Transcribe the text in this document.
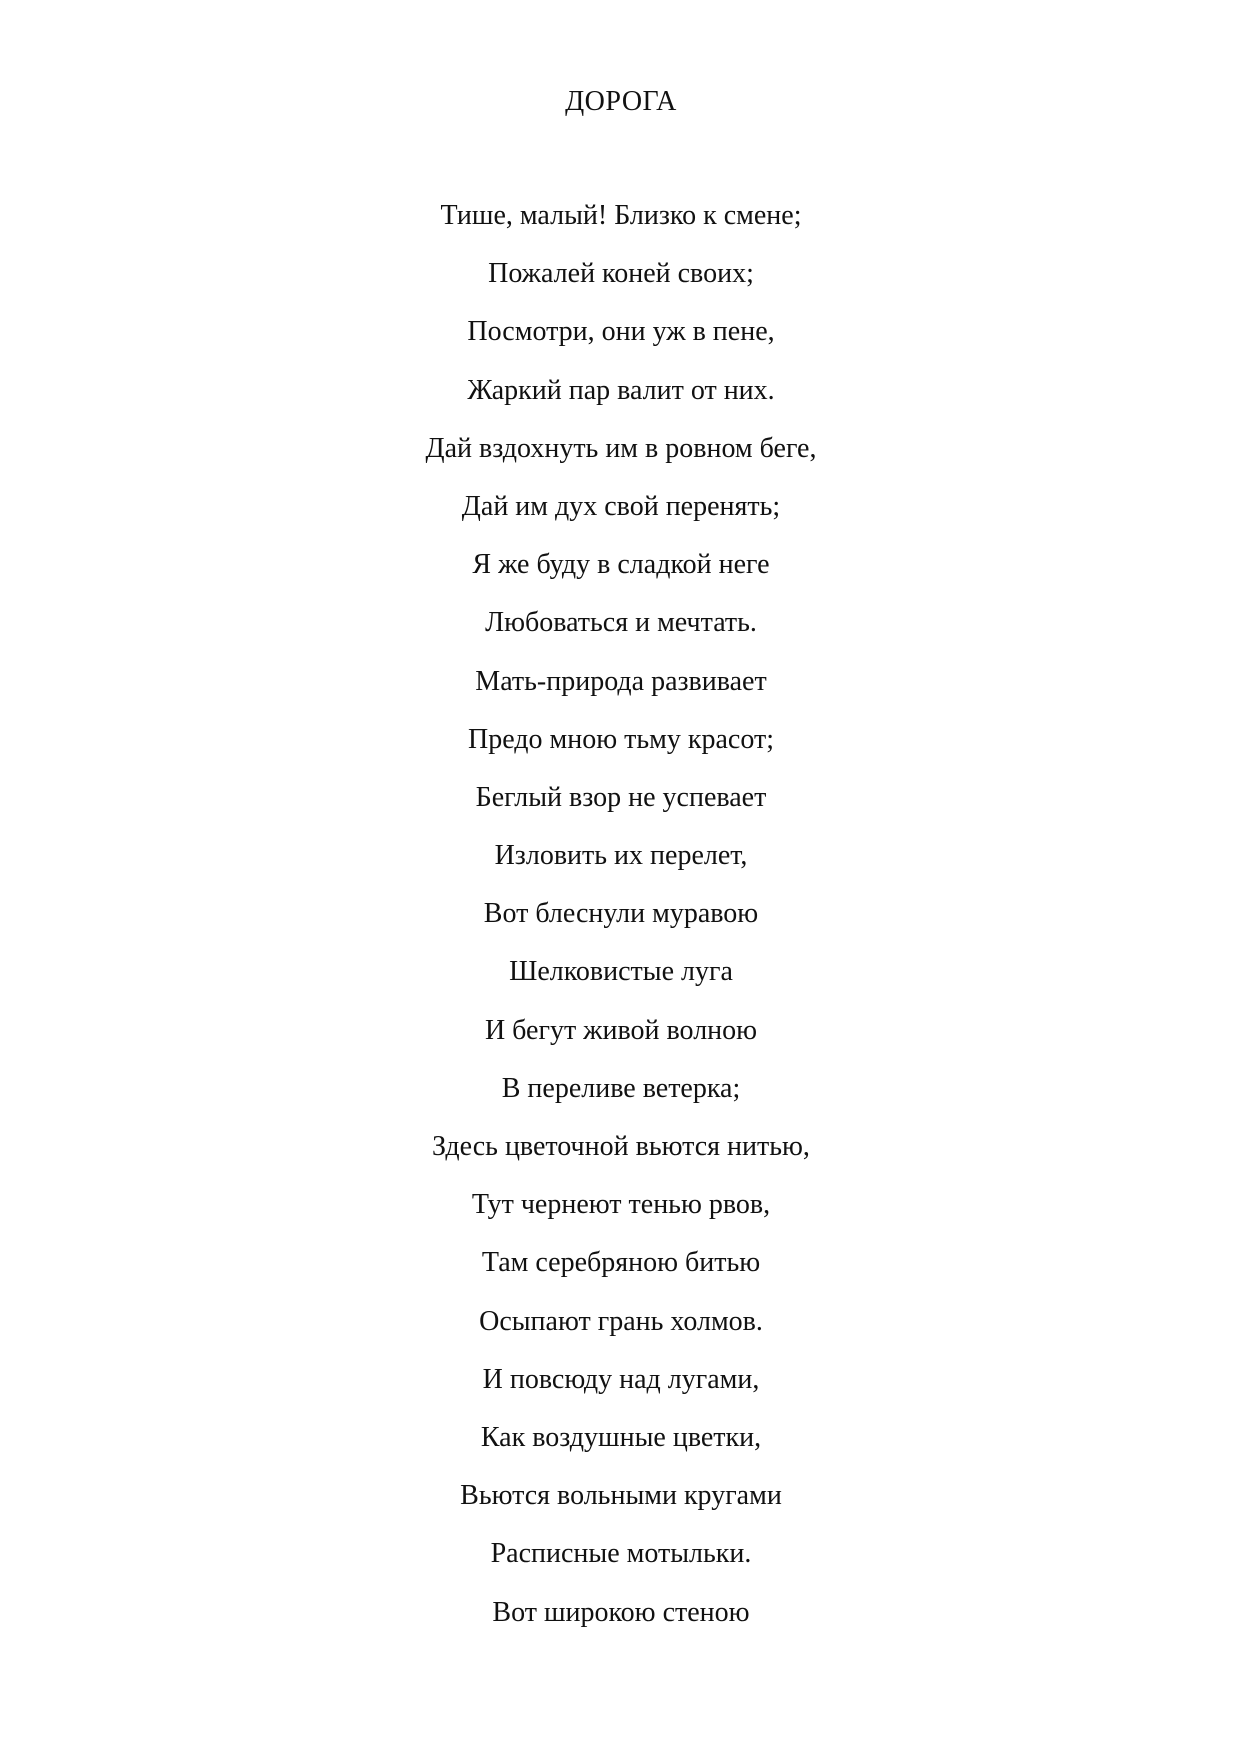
ДОРОГА
Тише, малый! Близко к смене;
Пожалей коней своих;
Посмотри, они уж в пене,
Жаркий пар валит от них.
Дай вздохнуть им в ровном беге,
Дай им дух свой перенять;
Я же буду в сладкой неге
Любоваться и мечтать.
Мать-природа развивает
Предо мною тьму красот;
Беглый взор не успевает
Изловить их перелет,
Вот блеснули муравою
Шелковистые луга
И бегут живой волною
В переливе ветерка;
Здесь цветочной вьются нитью,
Тут чернеют тенью рвов,
Там серебряною битью
Осыпают грань холмов.
И повсюду над лугами,
Как воздушные цветки,
Вьются вольными кругами
Расписные мотыльки.
Вот широкою стеною
